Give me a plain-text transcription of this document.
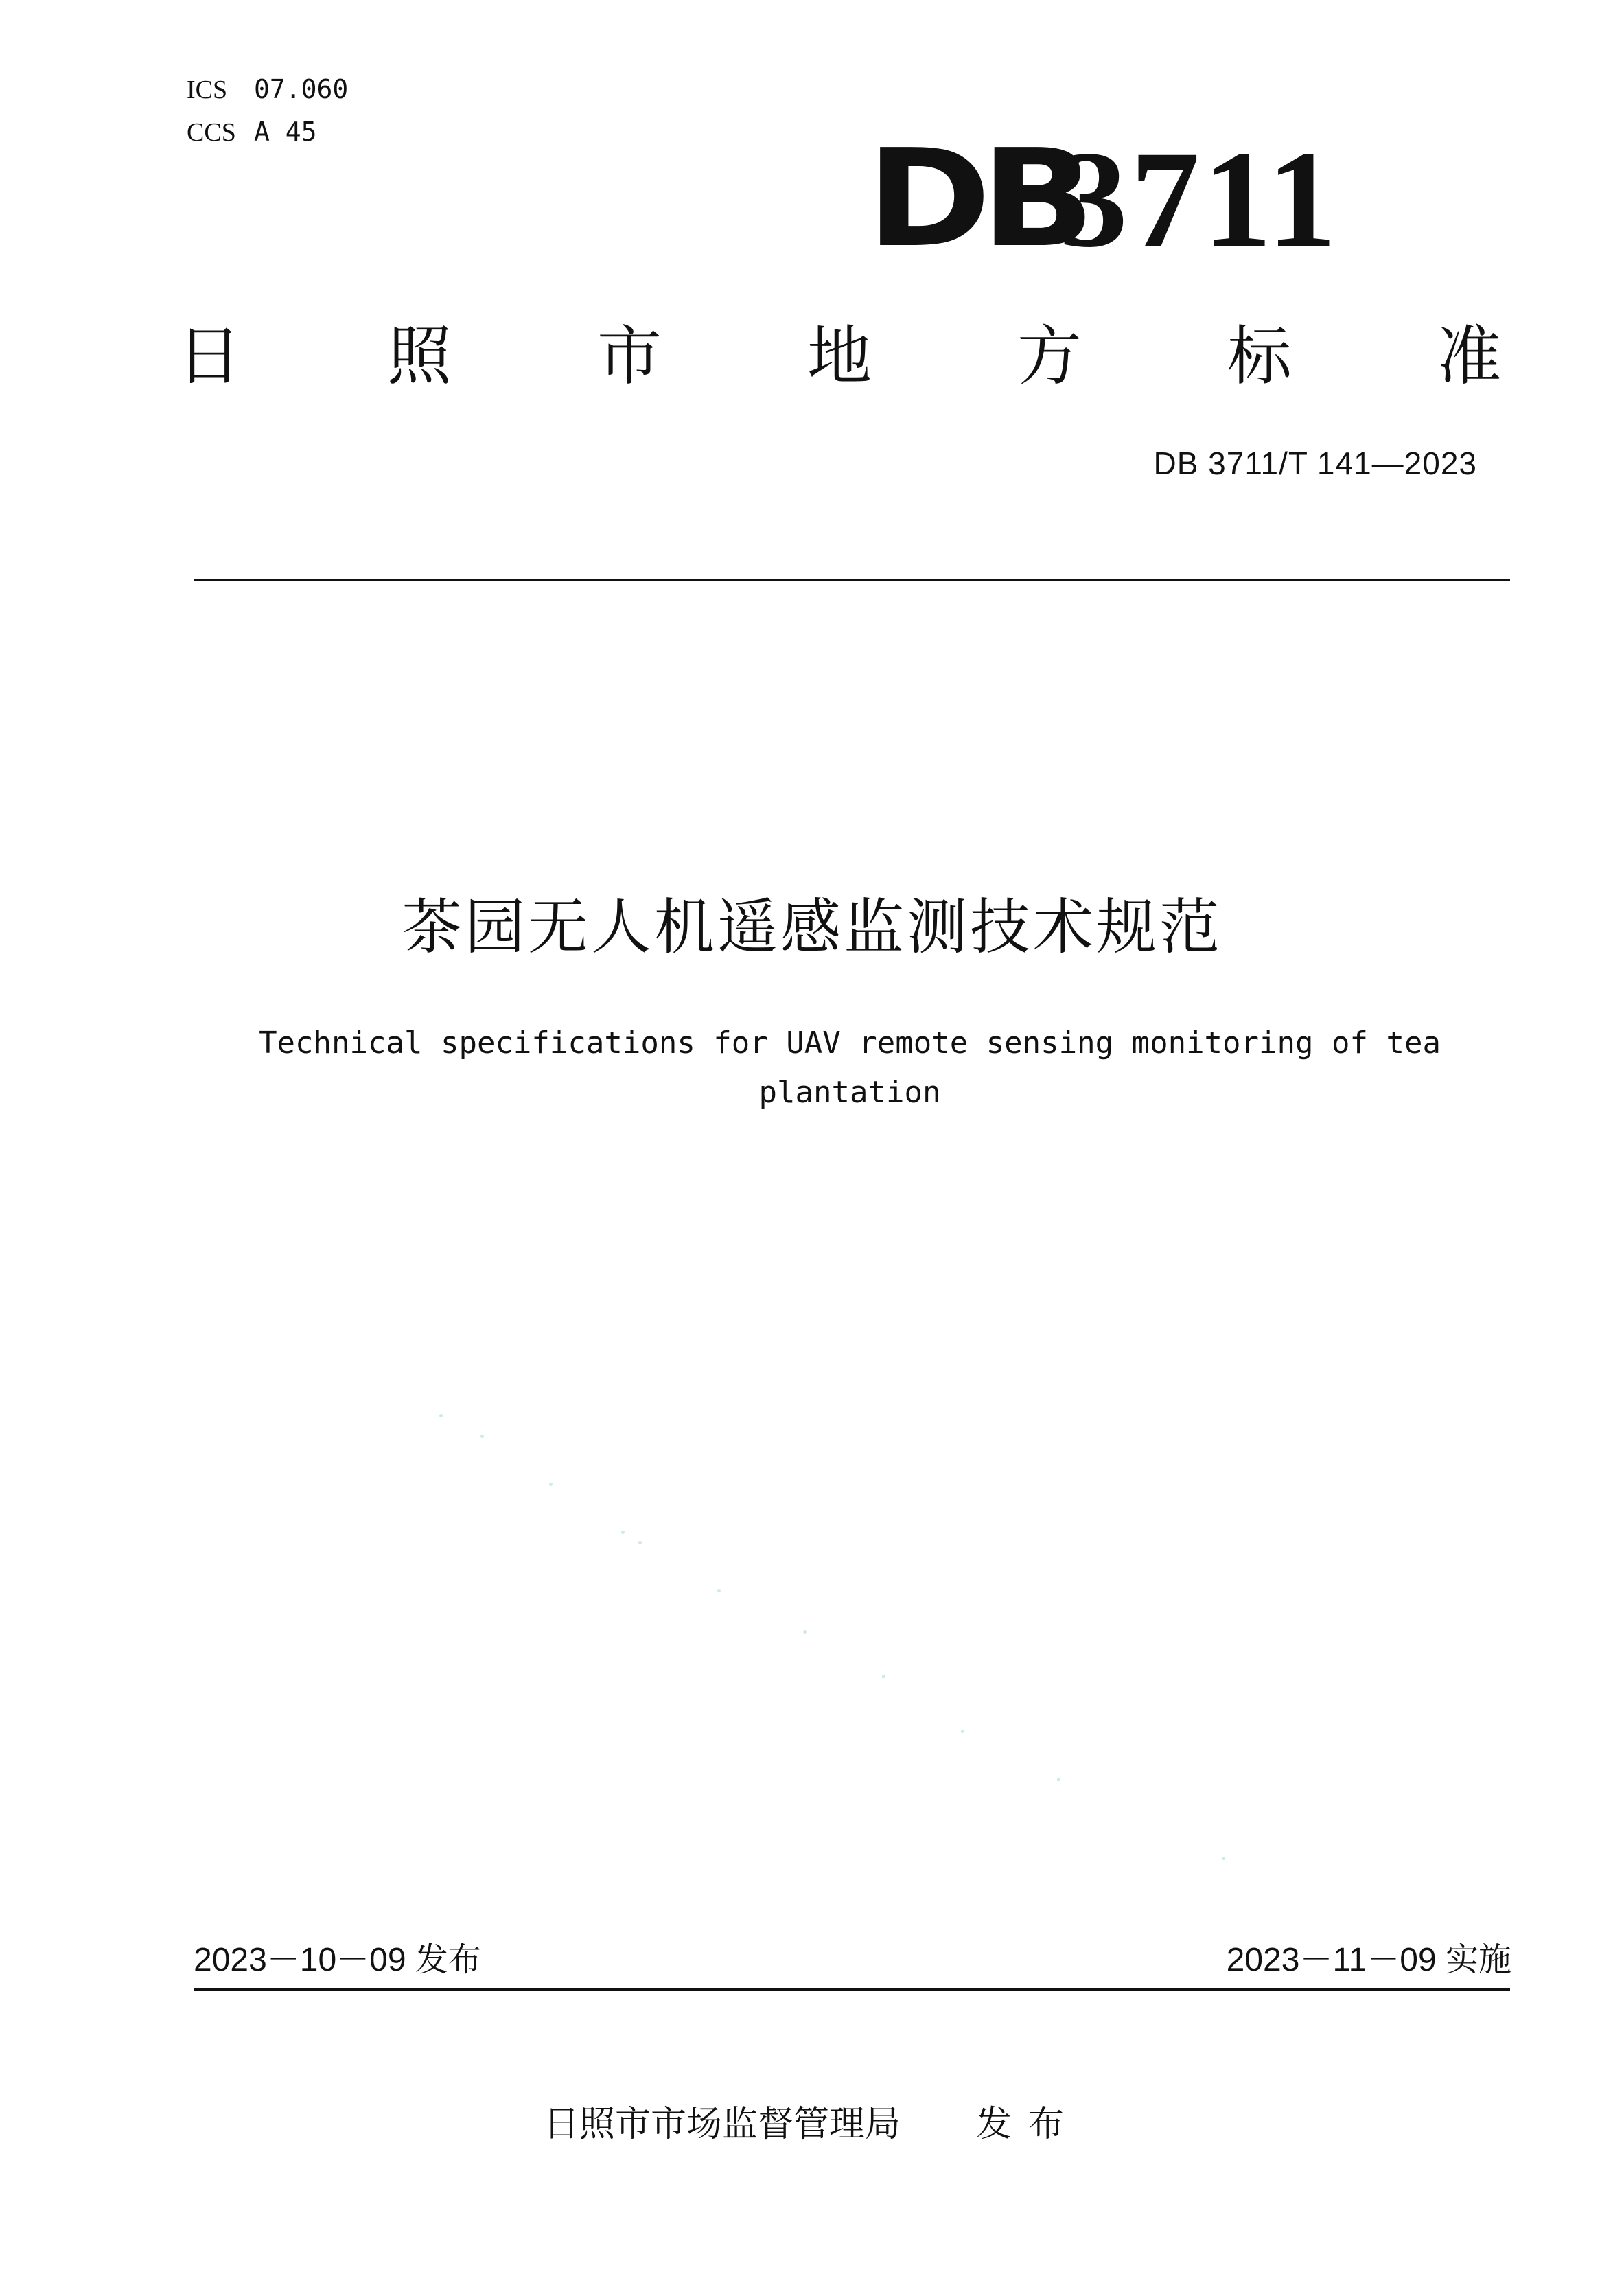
ICS 07.060
CCS A 45	DB
3711
日 照 市 地 方 标 准
DB 3711/T 141—2023
茶园无人机遥感监测技术规范
Technical specifications for UAV remote sensing monitoring of tea plantation
2023－10－09 发布	2023－11－09 实施
日照市市场监督管理局 发布
